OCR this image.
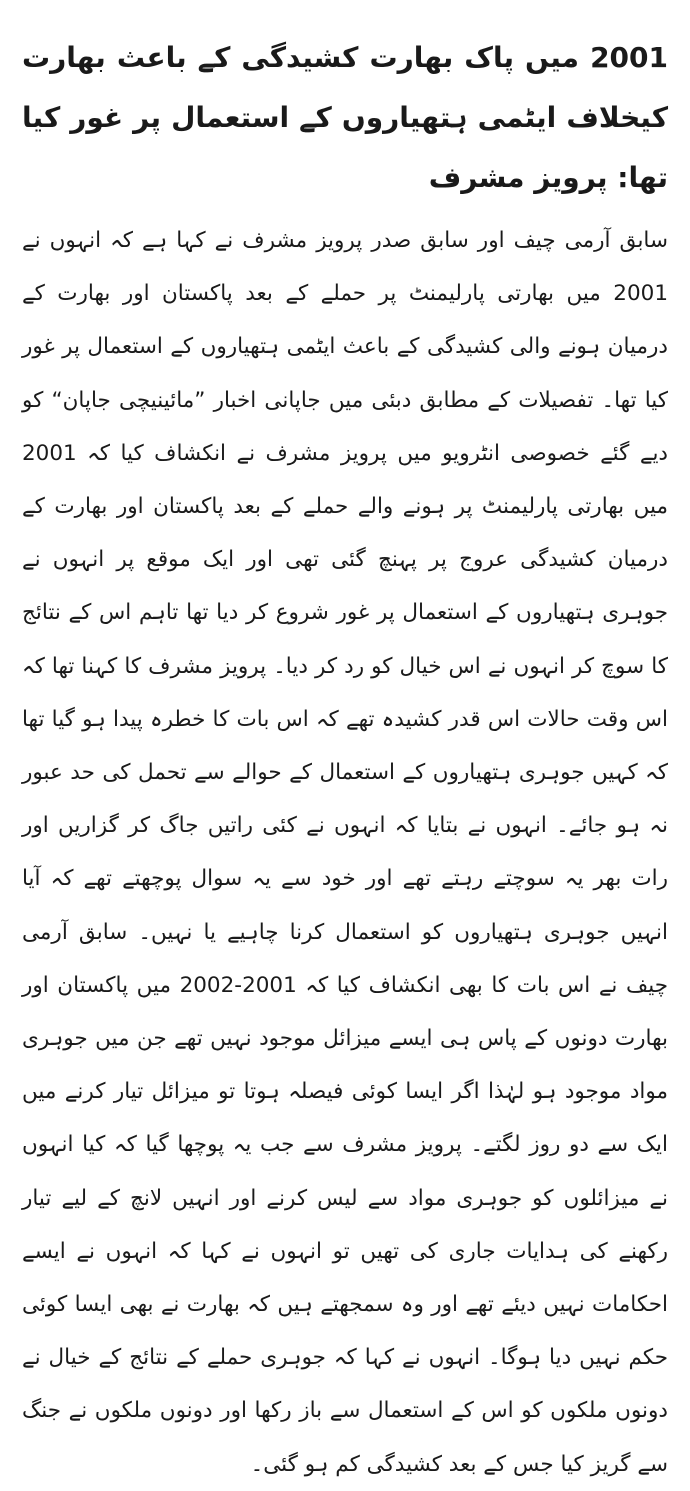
2001 میں پاک بھارت کشیدگی کے باعث بھارت کیخلاف ایٹمی ہتھیاروں کے استعمال پر غور کیا تھا: پرویز مشرف

سابق آرمی چیف اور سابق صدر پرویز مشرف نے کہا ہے کہ انہوں نے 2001 میں بھارتی پارلیمنٹ پر حملے کے بعد پاکستان اور بھارت کے درمیان ہونے والی کشیدگی کے باعث ایٹمی ہتھیاروں کے استعمال پر غور کیا تھا۔ تفصیلات کے مطابق دبئی میں جاپانی اخبار ”مائینیچی جاپان“ کو دیے گئے خصوصی انٹرویو میں پرویز مشرف نے انکشاف کیا کہ 2001 میں بھارتی پارلیمنٹ پر ہونے والے حملے کے بعد پاکستان اور بھارت کے درمیان کشیدگی عروج پر پہنچ گئی تھی اور ایک موقع پر انہوں نے جوہری ہتھیاروں کے استعمال پر غور شروع کر دیا تھا تاہم اس کے نتائج کا سوچ کر انہوں نے اس خیال کو رد کر دیا۔ پرویز مشرف کا کہنا تھا کہ اس وقت حالات اس قدر کشیدہ تھے کہ اس بات کا خطرہ پیدا ہو گیا تھا کہ کہیں جوہری ہتھیاروں کے استعمال کے حوالے سے تحمل کی حد عبور نہ ہو جائے۔ انہوں نے بتایا کہ انہوں نے کئی راتیں جاگ کر گزاریں اور رات بھر یہ سوچتے رہتے تھے اور خود سے یہ سوال پوچھتے تھے کہ آیا انہیں جوہری ہتھیاروں کو استعمال کرنا چاہیے یا نہیں۔ سابق آرمی چیف نے اس بات کا بھی انکشاف کیا کہ 2001-2002 میں پاکستان اور بھارت دونوں کے پاس ہی ایسے میزائل موجود نہیں تھے جن میں جوہری مواد موجود ہو لہٰذا اگر ایسا کوئی فیصلہ ہوتا تو میزائل تیار کرنے میں ایک سے دو روز لگتے۔ پرویز مشرف سے جب یہ پوچھا گیا کہ کیا انہوں نے میزائلوں کو جوہری مواد سے لیس کرنے اور انہیں لانچ کے لیے تیار رکھنے کی ہدایات جاری کی تھیں تو انہوں نے کہا کہ انہوں نے ایسے احکامات نہیں دیئے تھے اور وہ سمجھتے ہیں کہ بھارت نے بھی ایسا کوئی حکم نہیں دیا ہوگا۔ انہوں نے کہا کہ جوہری حملے کے نتائج کے خیال نے دونوں ملکوں کو اس کے استعمال سے باز رکھا اور دونوں ملکوں نے جنگ سے گریز کیا جس کے بعد کشیدگی کم ہو گئی۔
